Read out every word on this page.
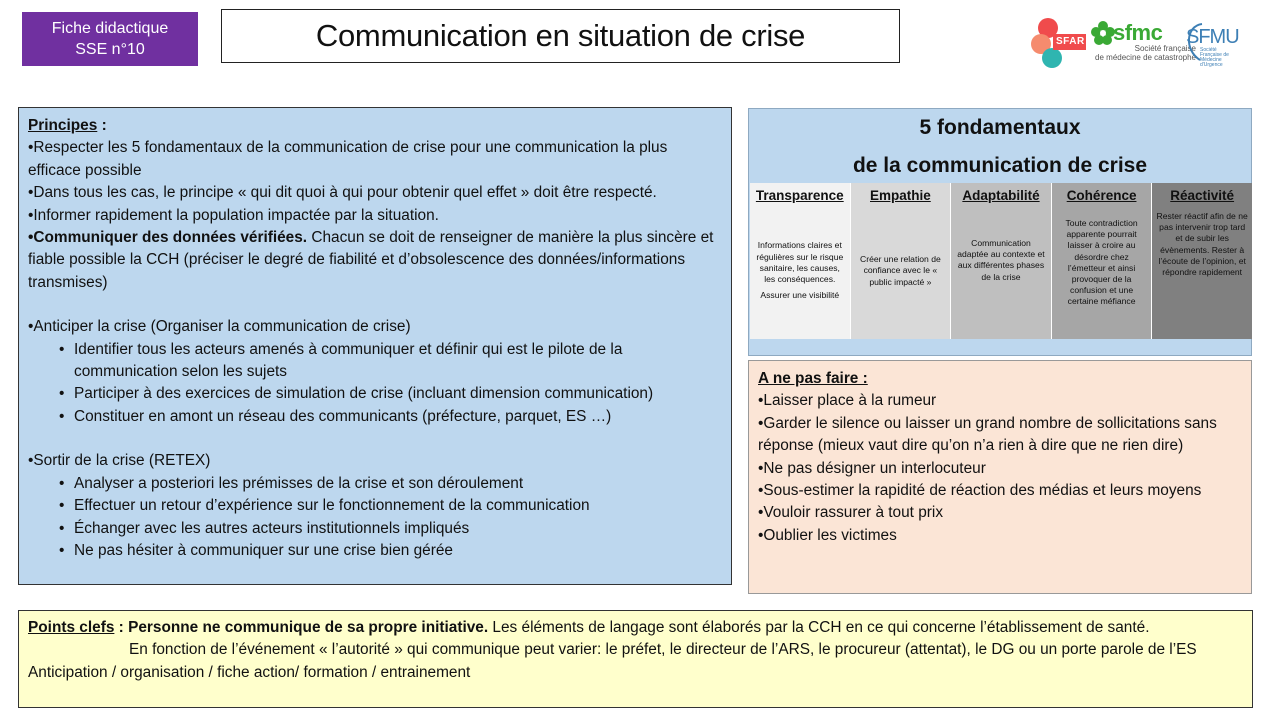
Fiche didactique
SSE n°10	Communication en situation de crise	SFAR sfmc
Société française
de médecine de catastrophe
SFMU
Société Française de Médecine d'Urgence

Principes :

•Respecter les 5 fondamentaux de la communication de crise pour une communication la plus efficace possible

•Dans tous les cas, le principe « qui dit quoi à qui pour obtenir quel effet » doit être respecté.

•Informer rapidement la population impactée par la situation.

•Communiquer des données vérifiées. Chacun se doit de renseigner de manière la plus sincère et fiable possible la CCH (préciser le degré de fiabilité et d’obsolescence des données/informations transmises)

•Anticiper la crise (Organiser la communication de crise)

• Identifier tous les acteurs amenés à communiquer et définir qui est le pilote de la communication selon les sujets

• Participer à des exercices de simulation de crise (incluant dimension communication)

• Constituer en amont un réseau des communicants (préfecture, parquet, ES …)

•Sortir de la crise (RETEX)

• Analyser a posteriori les prémisses de la crise et son déroulement

• Effectuer un retour d’expérience sur le fonctionnement de la communication

• Échanger avec les autres acteurs institutionnels impliqués

• Ne pas hésiter à communiquer sur une crise bien gérée

5 fondamentaux
de la communication de crise
Transparence

Informations claires et régulières sur le risque sanitaire, les causes, les conséquences.

Assurer une visibilité

Empathie

Créer une relation de confiance avec le « public impacté »

Adaptabilité

Communication adaptée au contexte et aux différentes phases de la crise

Cohérence

Toute contradiction apparente pourrait laisser à croire au désordre chez l’émetteur et ainsi provoquer de la confusion et une certaine méfiance

Réactivité

Rester réactif afin de ne pas intervenir trop tard et de subir les évènements. Rester à l’écoute de l’opinion, et répondre rapidement

A ne pas faire :

•Laisser place à la rumeur

•Garder le silence ou laisser un grand nombre de sollicitations sans réponse (mieux vaut dire qu’on n’a rien à dire que ne rien dire)

•Ne pas désigner un interlocuteur

•Sous-estimer la rapidité de réaction des médias et leurs moyens

•Vouloir rassurer à tout prix

•Oublier les victimes

Points clefs : Personne ne communique de sa propre initiative. Les éléments de langage sont élaborés par la CCH en ce qui concerne l’établissement de santé.

En fonction de l’événement « l’autorité » qui communique peut varier: le préfet, le directeur de l’ARS, le procureur (attentat), le DG ou un porte parole de l’ES

Anticipation / organisation / fiche action/ formation / entrainement
